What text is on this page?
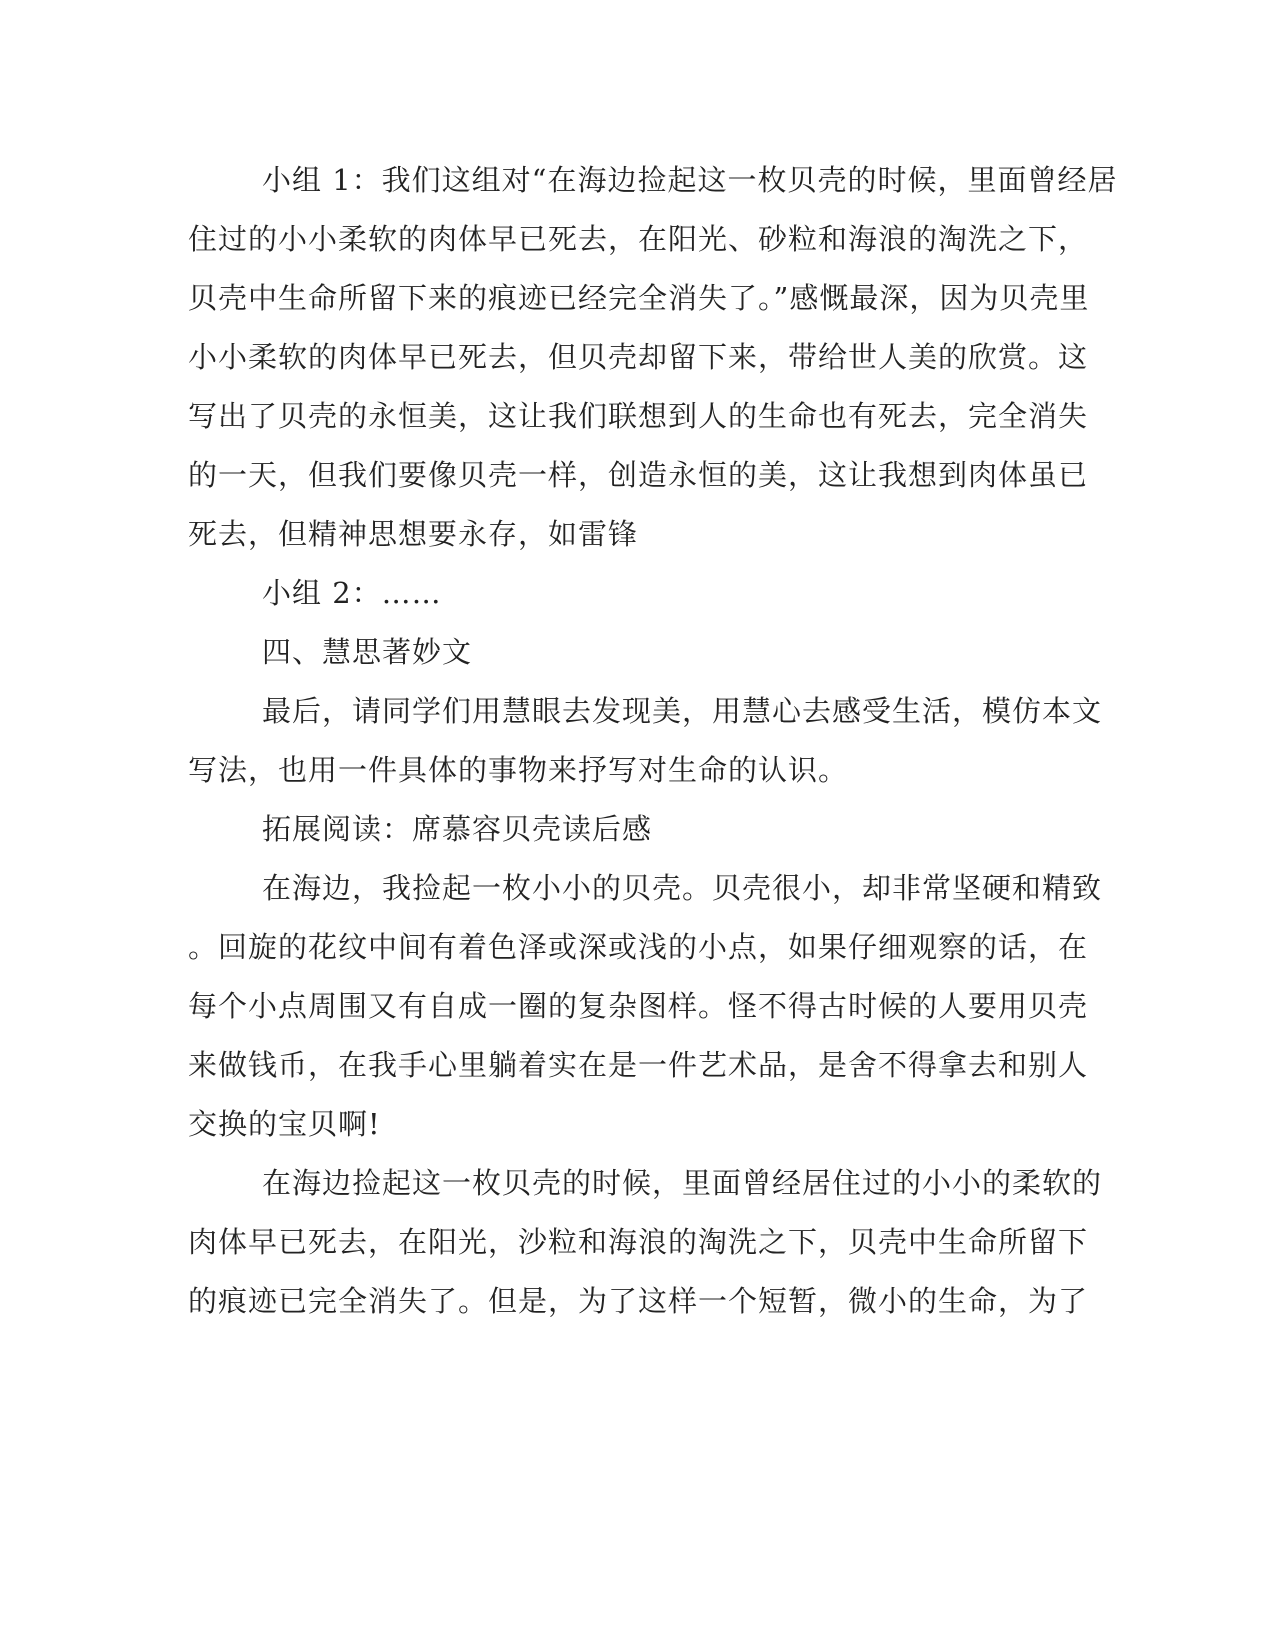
小组 1：我们这组对“在海边捡起这一枚贝壳的时候，里面曾经居
住过的小小柔软的肉体早已死去，在阳光、砂粒和海浪的淘洗之下，
贝壳中生命所留下来的痕迹已经完全消失了。”感慨最深，因为贝壳里
小小柔软的肉体早已死去，但贝壳却留下来，带给世人美的欣赏。这
写出了贝壳的永恒美，这让我们联想到人的生命也有死去，完全消失
的一天，但我们要像贝壳一样，创造永恒的美，这让我想到肉体虽已
死去，但精神思想要永存，如雷锋
小组 2：……
四、慧思著妙文
最后，请同学们用慧眼去发现美，用慧心去感受生活，模仿本文
写法，也用一件具体的事物来抒写对生命的认识。
拓展阅读：席慕容贝壳读后感
在海边，我捡起一枚小小的贝壳。贝壳很小，却非常坚硬和精致
。回旋的花纹中间有着色泽或深或浅的小点，如果仔细观察的话，在
每个小点周围又有自成一圈的复杂图样。怪不得古时候的人要用贝壳
来做钱币，在我手心里躺着实在是一件艺术品，是舍不得拿去和别人
交换的宝贝啊!
在海边捡起这一枚贝壳的时候，里面曾经居住过的小小的柔软的
肉体早已死去，在阳光，沙粒和海浪的淘洗之下，贝壳中生命所留下
的痕迹已完全消失了。但是，为了这样一个短暂，微小的生命，为了
